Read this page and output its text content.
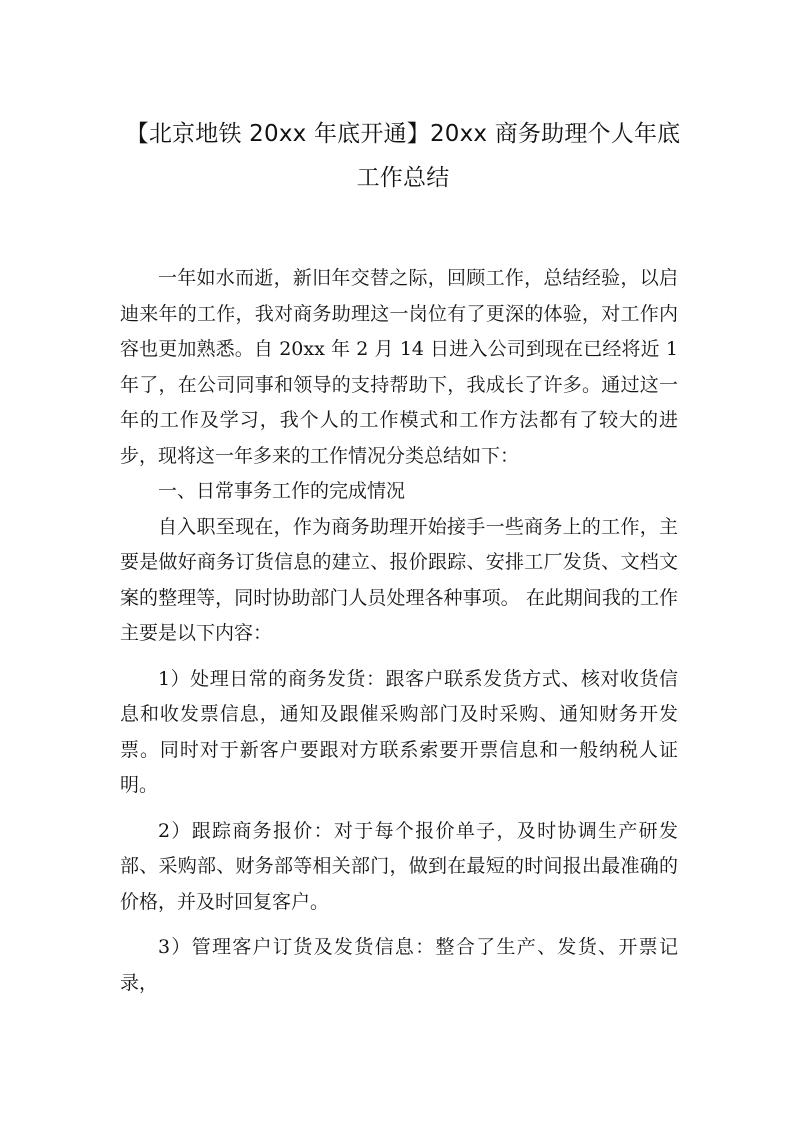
【北京地铁 20xx 年底开通】20xx 商务助理个人年底工作总结

一年如水而逝，新旧年交替之际，回顾工作，总结经验，以启迪来年的工作，我对商务助理这一岗位有了更深的体验，对工作内容也更加熟悉。自 20xx 年 2 月 14 日进入公司到现在已经将近 1 年了，在公司同事和领导的支持帮助下，我成长了许多。通过这一年的工作及学习，我个人的工作模式和工作方法都有了较大的进步，现将这一年多来的工作情况分类总结如下：

一、日常事务工作的完成情况

自入职至现在，作为商务助理开始接手一些商务上的工作，主要是做好商务订货信息的建立、报价跟踪、安排工厂发货、文档文案的整理等，同时协助部门人员处理各种事项。 在此期间我的工作主要是以下内容：

1）处理日常的商务发货：跟客户联系发货方式、核对收货信息和收发票信息，通知及跟催采购部门及时采购、通知财务开发票。同时对于新客户要跟对方联系索要开票信息和一般纳税人证明。

2）跟踪商务报价：对于每个报价单子，及时协调生产研发部、采购部、财务部等相关部门，做到在最短的时间报出最准确的价格，并及时回复客户。

3）管理客户订货及发货信息：整合了生产、发货、开票记录，
